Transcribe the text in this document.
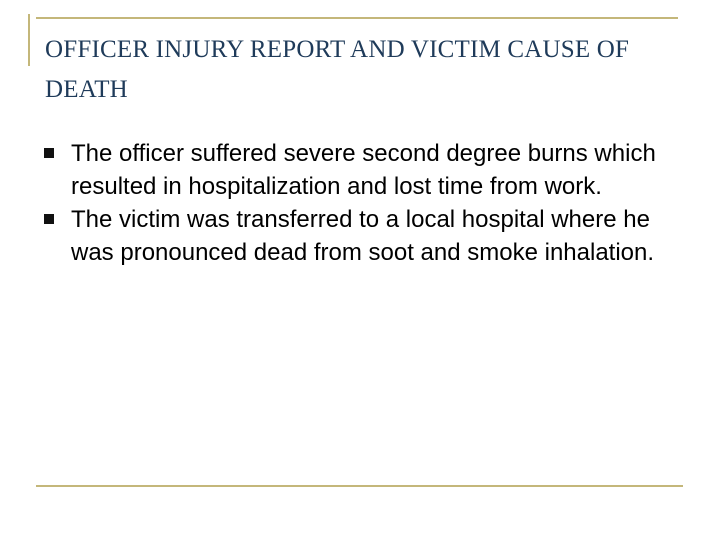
OFFICER INJURY REPORT AND VICTIM CAUSE OF DEATH
The officer suffered severe second degree burns which resulted in hospitalization and lost time from work.
The victim was transferred to a local hospital where he was pronounced dead from soot and smoke inhalation.
